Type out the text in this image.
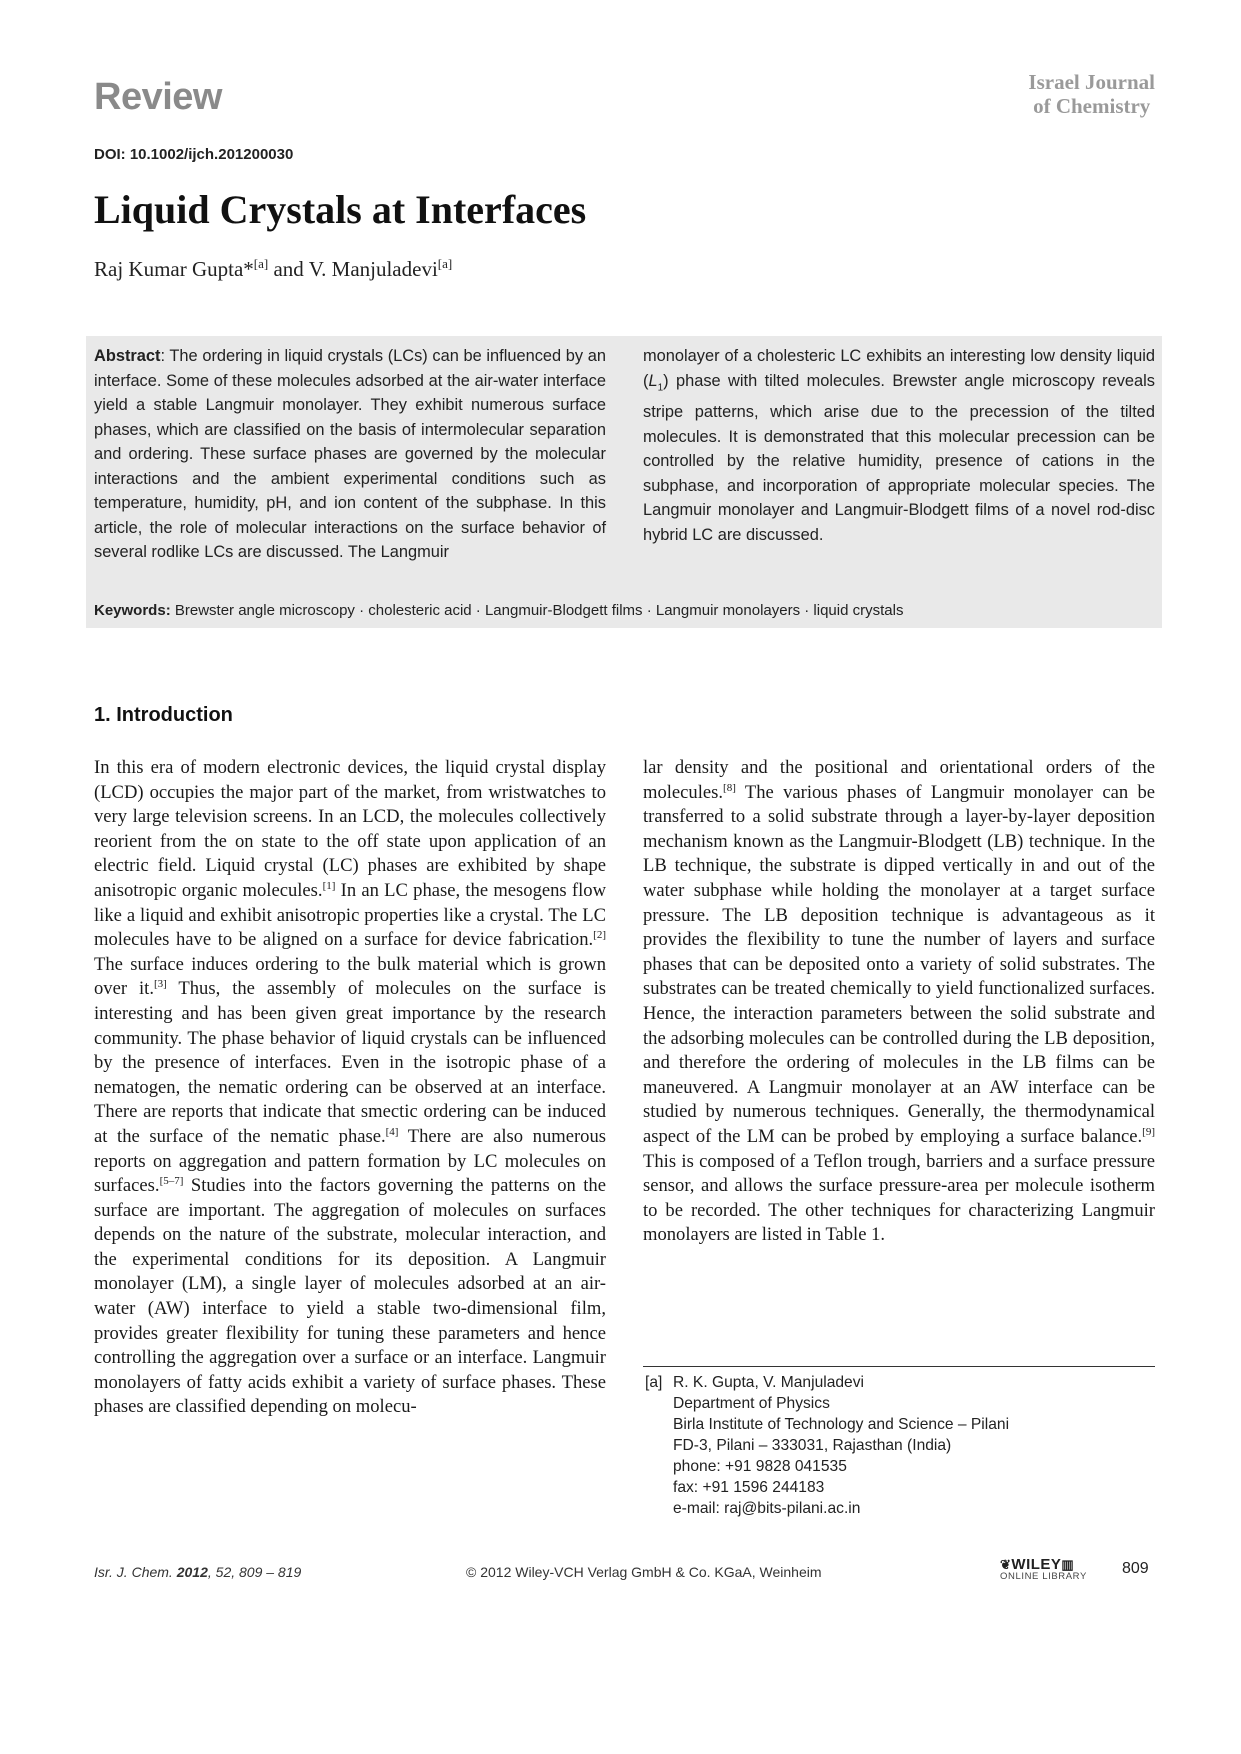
Review	Israel Journal
of Chemistry
DOI: 10.1002/ijch.201200030
Liquid Crystals at Interfaces
Raj Kumar Gupta*[a] and V. Manjuladevi[a]
Abstract: The ordering in liquid crystals (LCs) can be influenced by an interface. Some of these molecules adsorbed at the air-water interface yield a stable Langmuir monolayer. They exhibit numerous surface phases, which are classified on the basis of intermolecular separation and ordering. These surface phases are governed by the molecular interactions and the ambient experimental conditions such as temperature, humidity, pH, and ion content of the subphase. In this article, the role of molecular interactions on the surface behavior of several rodlike LCs are discussed. The Langmuir
monolayer of a cholesteric LC exhibits an interesting low density liquid $(L_1)$ phase with tilted molecules. Brewster angle microscopy reveals stripe patterns, which arise due to the precession of the tilted molecules. It is demonstrated that this molecular precession can be controlled by the relative humidity, presence of cations in the subphase, and incorporation of appropriate molecular species. The Langmuir monolayer and Langmuir-Blodgett films of a novel rod-disc hybrid LC are discussed.
Keywords: Brewster angle microscopy · cholesteric acid · Langmuir-Blodgett films · Langmuir monolayers · liquid crystals
1. Introduction
In this era of modern electronic devices, the liquid crystal display (LCD) occupies the major part of the market, from wristwatches to very large television screens. In an LCD, the molecules collectively reorient from the on state to the off state upon application of an electric field. Liquid crystal (LC) phases are exhibited by shape anisotropic organic molecules.[1] In an LC phase, the mesogens flow like a liquid and exhibit anisotropic properties like a crystal. The LC molecules have to be aligned on a surface for device fabrication.[2] The surface induces ordering to the bulk material which is grown over it.[3] Thus, the assembly of molecules on the surface is interesting and has been given great importance by the research community. The phase behavior of liquid crystals can be influenced by the presence of interfaces. Even in the isotropic phase of a nematogen, the nematic ordering can be observed at an interface. There are reports that indicate that smectic ordering can be induced at the surface of the nematic phase.[4] There are also numerous reports on aggregation and pattern formation by LC molecules on surfaces.[5–7] Studies into the factors governing the patterns on the surface are important. The aggregation of molecules on surfaces depends on the nature of the substrate, molecular interaction, and the experimental conditions for its deposition. A Langmuir monolayer (LM), a single layer of molecules adsorbed at an air-water (AW) interface to yield a stable two-dimensional film, provides greater flexibility for tuning these parameters and hence controlling the aggregation over a surface or an interface. Langmuir monolayers of fatty acids exhibit a variety of surface phases. These phases are classified depending on molecu-
lar density and the positional and orientational orders of the molecules.[8] The various phases of Langmuir monolayer can be transferred to a solid substrate through a layer-by-layer deposition mechanism known as the Langmuir-Blodgett (LB) technique. In the LB technique, the substrate is dipped vertically in and out of the water subphase while holding the monolayer at a target surface pressure. The LB deposition technique is advantageous as it provides the flexibility to tune the number of layers and surface phases that can be deposited onto a variety of solid substrates. The substrates can be treated chemically to yield functionalized surfaces. Hence, the interaction parameters between the solid substrate and the adsorbing molecules can be controlled during the LB deposition, and therefore the ordering of molecules in the LB films can be maneuvered. A Langmuir monolayer at an AW interface can be studied by numerous techniques. Generally, the thermodynamical aspect of the LM can be probed by employing a surface balance.[9] This is composed of a Teflon trough, barriers and a surface pressure sensor, and allows the surface pressure-area per molecule isotherm to be recorded. The other techniques for characterizing Langmuir monolayers are listed in Table 1.
[a] R. K. Gupta, V. Manjuladevi
Department of Physics
Birla Institute of Technology and Science – Pilani
FD-3, Pilani – 333031, Rajasthan (India)
phone: +91 9828 041535
fax: +91 1596 244183
e-mail: raj@bits-pilani.ac.in
Isr. J. Chem. 2012, 52, 809 – 819	© 2012 Wiley-VCH Verlag GmbH & Co. KGaA, Weinheim	❦WILEY▥
ONLINE LIBRARY	809
